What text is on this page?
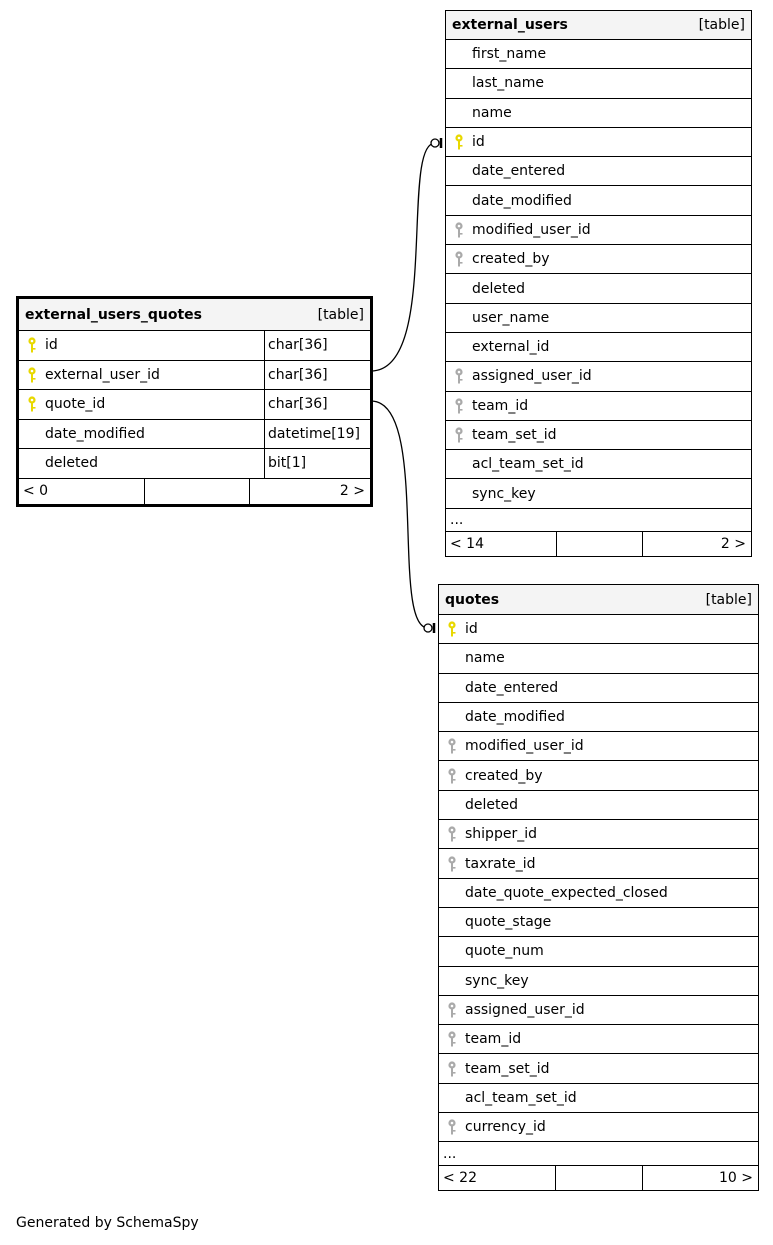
external_users_quotes	[table]
id	char[36]
external_user_id	char[36]
quote_id	char[36]
date_modified	datetime[19]
deleted	bit[1]
< 0	2 >
external_users	[table]
first_name
last_name
name
id
date_entered
date_modified
modified_user_id
created_by
deleted
user_name
external_id
assigned_user_id
team_id
team_set_id
acl_team_set_id
sync_key
...
< 14	2 >
quotes	[table]
id
name
date_entered
date_modified
modified_user_id
created_by
deleted
shipper_id
taxrate_id
date_quote_expected_closed
quote_stage
quote_num
sync_key
assigned_user_id
team_id
team_set_id
acl_team_set_id
currency_id
...
< 22	10 >
Generated by SchemaSpy
